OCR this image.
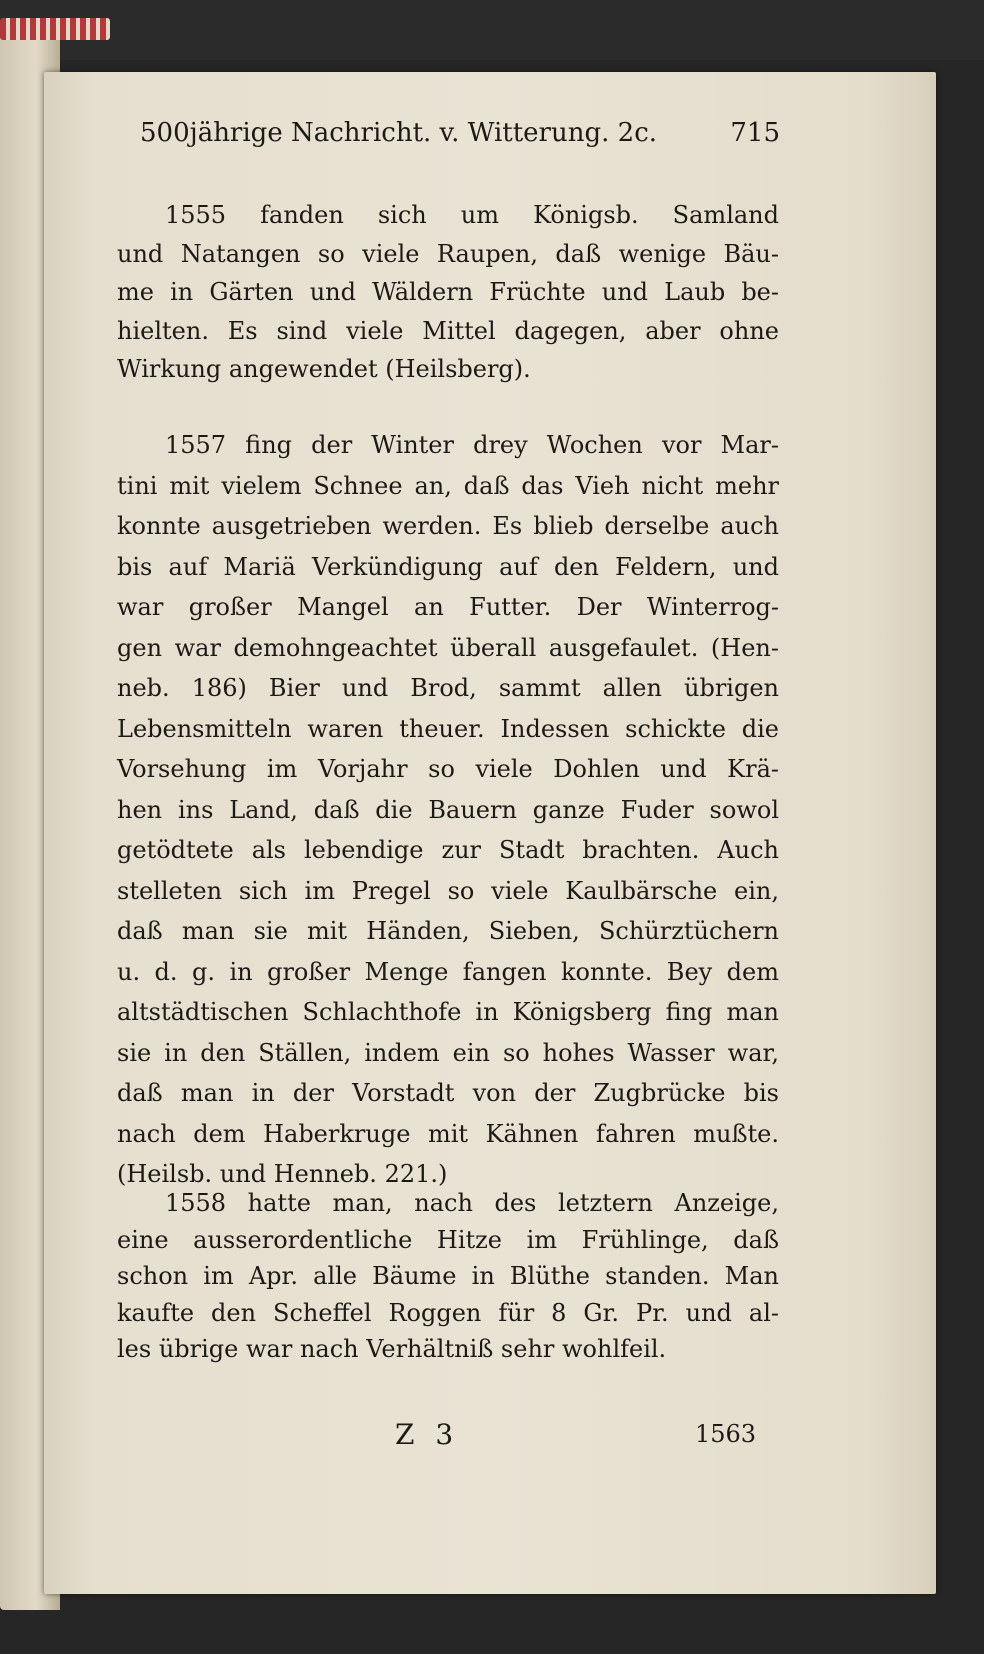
500jährige Nachricht. v. Witterung. 2c.	715
1555 fanden sich um Königsb. Samland
und Natangen so viele Raupen, daß wenige Bäu-
me in Gärten und Wäldern Früchte und Laub be-
hielten. Es sind viele Mittel dagegen, aber ohne
Wirkung angewendet (Heilsberg).
1557 fing der Winter drey Wochen vor Mar-
tini mit vielem Schnee an, daß das Vieh nicht mehr
konnte ausgetrieben werden. Es blieb derselbe auch
bis auf Mariä Verkündigung auf den Feldern, und
war großer Mangel an Futter. Der Winterrog-
gen war demohngeachtet überall ausgefaulet. (Hen-
neb. 186) Bier und Brod, sammt allen übrigen
Lebensmitteln waren theuer. Indessen schickte die
Vorsehung im Vorjahr so viele Dohlen und Krä-
hen ins Land, daß die Bauern ganze Fuder sowol
getödtete als lebendige zur Stadt brachten. Auch
stelleten sich im Pregel so viele Kaulbärsche ein,
daß man sie mit Händen, Sieben, Schürztüchern
u. d. g. in großer Menge fangen konnte. Bey dem
altstädtischen Schlachthofe in Königsberg fing man
sie in den Ställen, indem ein so hohes Wasser war,
daß man in der Vorstadt von der Zugbrücke bis
nach dem Haberkruge mit Kähnen fahren mußte.
(Heilsb. und Henneb. 221.)
1558 hatte man, nach des letztern Anzeige,
eine ausserordentliche Hitze im Frühlinge, daß
schon im Apr. alle Bäume in Blüthe standen. Man
kaufte den Scheffel Roggen für 8 Gr. Pr. und al-
les übrige war nach Verhältniß sehr wohlfeil.
Z 3	1563
